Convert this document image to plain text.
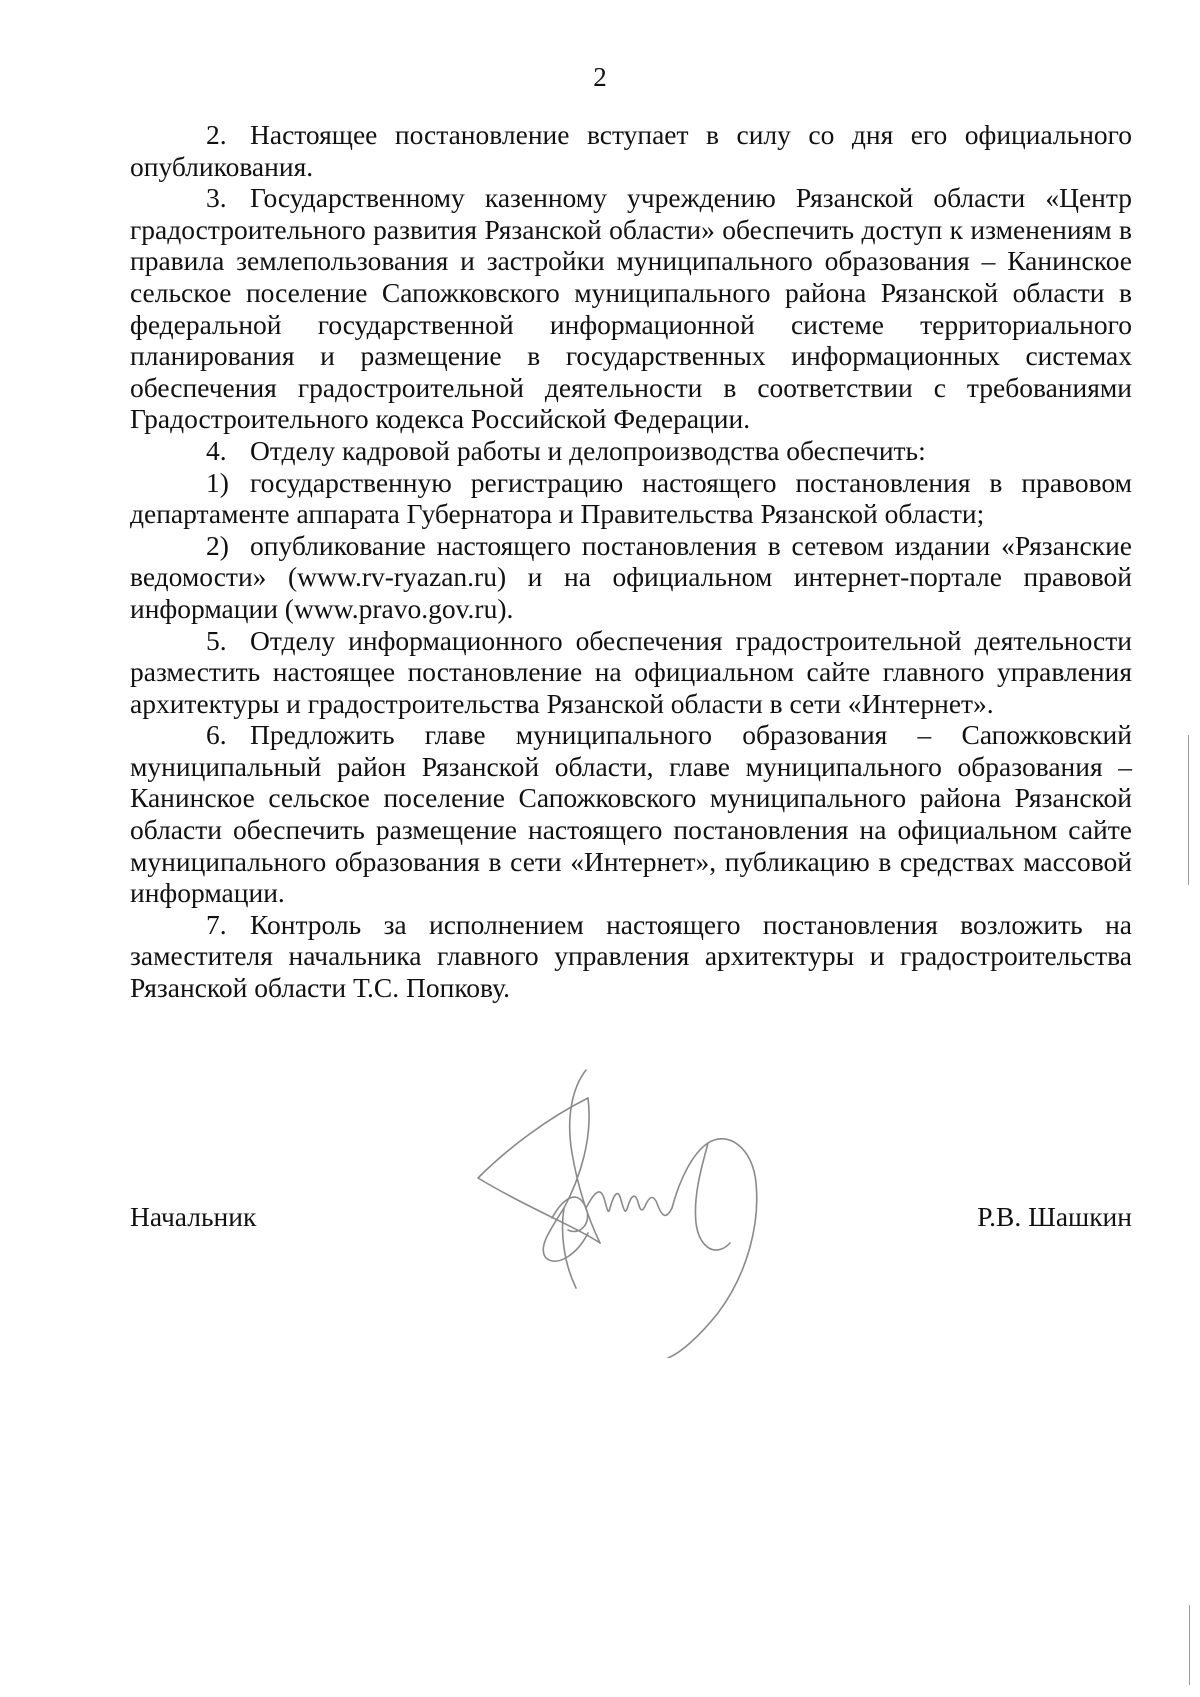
2

2. Настоящее постановление вступает в силу со дня его официального опубликования.

3. Государственному казенному учреждению Рязанской области «Центр градостроительного развития Рязанской области» обеспечить доступ к изменениям в правила землепользования и застройки муниципального образования – Канинское сельское поселение Сапожковского муниципального района Рязанской области в федеральной государственной информационной системе территориального планирования и размещение в государственных информационных системах обеспечения градостроительной деятельности в соответствии с требованиями Градостроительного кодекса Российской Федерации.

4. Отделу кадровой работы и делопроизводства обеспечить:

1) государственную регистрацию настоящего постановления в правовом департаменте аппарата Губернатора и Правительства Рязанской области;

2) опубликование настоящего постановления в сетевом издании «Рязанские ведомости» (www.rv-ryazan.ru) и на официальном интернет-портале правовой информации (www.pravo.gov.ru).

5. Отделу информационного обеспечения градостроительной деятельности разместить настоящее постановление на официальном сайте главного управления архитектуры и градостроительства Рязанской области в сети «Интернет».

6. Предложить главе муниципального образования – Сапожковский муниципальный район Рязанской области, главе муниципального образования – Канинское сельское поселение Сапожковского муниципального района Рязанской области обеспечить размещение настоящего постановления на официальном сайте муниципального образования в сети «Интернет», публикацию в средствах массовой информации.

7. Контроль за исполнением настоящего постановления возложить на заместителя начальника главного управления архитектуры и градостроительства Рязанской области Т.С. Попкову.

Начальник	Р.В. Шашкин
